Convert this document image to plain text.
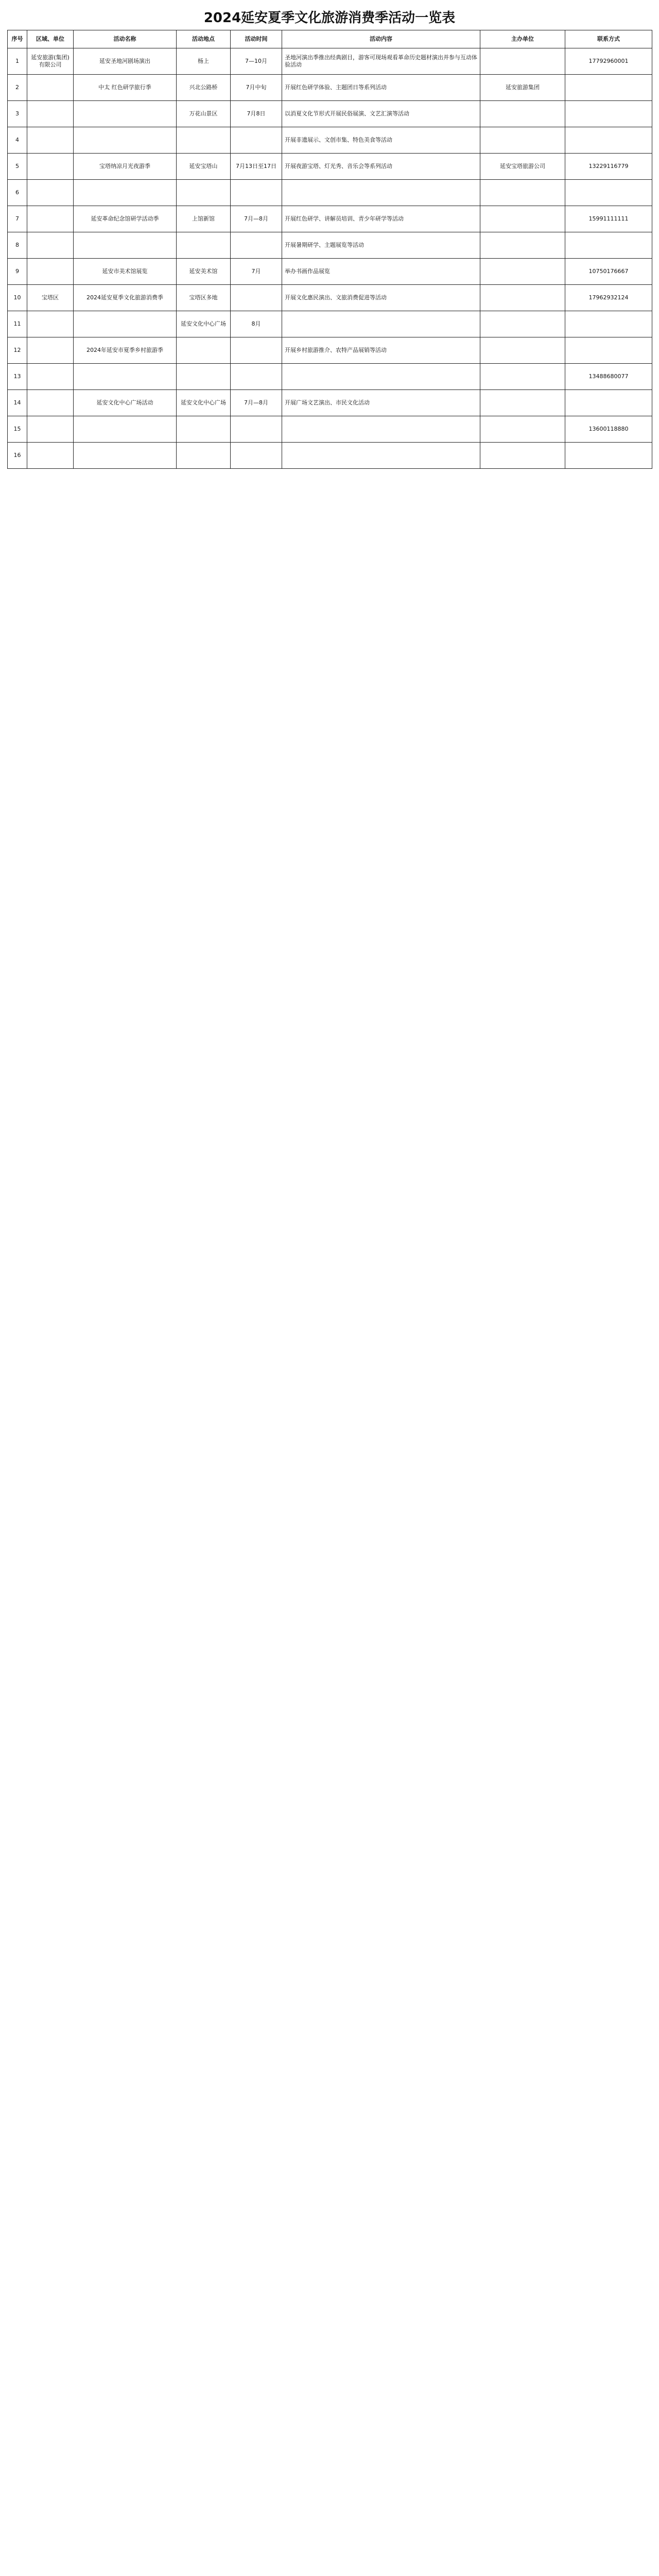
2024延安夏季文化旅游消费季活动一览表
序号	区域、单位	活动名称	活动地点	活动时间	活动内容	主办单位	联系方式

1	延安旅游(集团)有限公司	延安圣地河剧场演出	杨上	7—10月	圣地河演出季推出经典剧目，游客可现场观看革命历史题材演出并参与互动体验活动		17792960001

2		中太 红色研学旅行季	兴北公路桥	7月中旬	开展红色研学体验、主题团日等系列活动	延安旅游集团	

3			万花山景区	7月8日	以消夏文化节形式开展民俗展演、文艺汇演等活动		

4					开展非遗展示、文创市集、特色美食等活动		

5		宝塔纳凉月光夜游季	延安宝塔山	7月13日至17日	开展夜游宝塔、灯光秀、音乐会等系列活动	延安宝塔旅游公司	13229116779

6							

7		延安革命纪念馆研学活动季	上馆新馆	7月—8月	开展红色研学、讲解员培训、青少年研学等活动		15991111111

8					开展暑期研学、主题展览等活动		

9		延安市美术馆展览	延安美术馆	7月	举办书画作品展览		10750176667

10	宝塔区	2024延安夏季文化旅游消费季	宝塔区多地		开展文化惠民演出、文旅消费促进等活动		17962932124

11			延安文化中心广场	8月			

12		2024年延安市夏季乡村旅游季			开展乡村旅游推介、农特产品展销等活动		

13							13488680077

14		延安文化中心广场活动	延安文化中心广场	7月—8月	开展广场文艺演出、市民文化活动		

15							13600118880

16							
